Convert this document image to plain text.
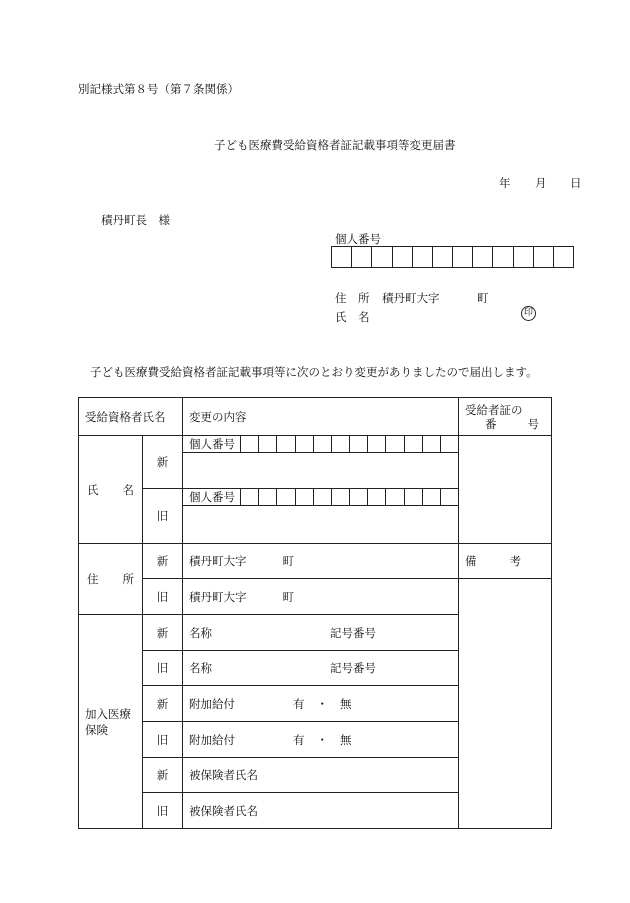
別記様式第８号（第７条関係）
子ども医療費受給資格者証記載事項等変更届書
年 月 日
積丹町長　様
個人番号
住　所 積丹町大字	町
氏　名	印
子ども医療費受給資格者証記載事項等に次のとおり変更がありましたので届出します。
受給資格者氏名		変更の内容	受給者証の
番 号

氏 名	新	個人番号	

	旧	個人番号	

住 所	新	積丹町大字 町	備 考

	旧	積丹町大字 町	

加入医療
保険	新	名称 記号番号	
	旧	名称 記号番号	
	新	附加給付 有 ・ 無	
	旧	附加給付 有 ・ 無	
	新	被保険者氏名	
	旧	被保険者氏名	
